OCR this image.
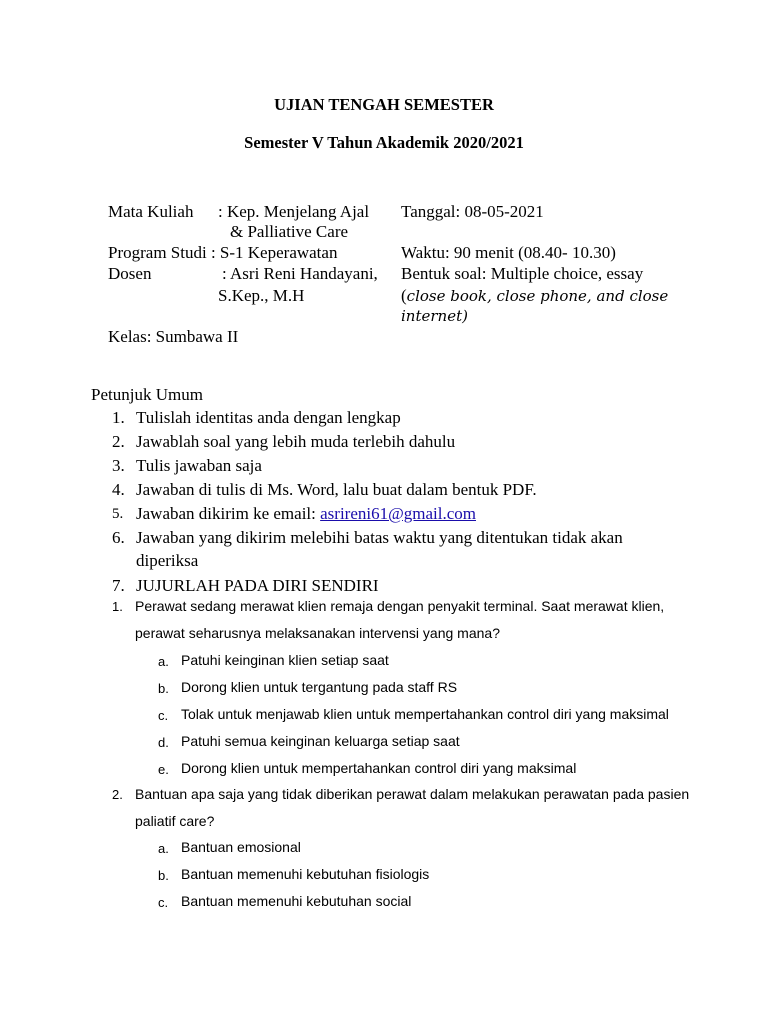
UJIAN TENGAH SEMESTER
Semester V Tahun Akademik 2020/2021
Mata Kuliah : Kep. Menjelang Ajal
& Palliative Care
Program Studi : S-1 Keperawatan
Dosen	: Asri Reni Handayani,
S.Kep., M.H
Kelas: Sumbawa II
Tanggal: 08-05-2021
Waktu: 90 menit (08.40- 10.30)
Bentuk soal: Multiple choice, essay
(close book, close phone, and close
internet)
Petunjuk Umum
1. Tulislah identitas anda dengan lengkap
2. Jawablah soal yang lebih muda terlebih dahulu
3. Tulis jawaban saja
4. Jawaban di tulis di Ms. Word, lalu buat dalam bentuk PDF.
5. Jawaban dikirim ke email: asrireni61@gmail.com
6. Jawaban yang dikirim melebihi batas waktu yang ditentukan tidak akan
diperiksa
7. JUJURLAH PADA DIRI SENDIRI
1. Perawat sedang merawat klien remaja dengan penyakit terminal. Saat merawat klien,
perawat seharusnya melaksanakan intervensi yang mana?
a. Patuhi keinginan klien setiap saat
b. Dorong klien untuk tergantung pada staff RS
c. Tolak untuk menjawab klien untuk mempertahankan control diri yang maksimal
d. Patuhi semua keinginan keluarga setiap saat
e. Dorong klien untuk mempertahankan control diri yang maksimal
2. Bantuan apa saja yang tidak diberikan perawat dalam melakukan perawatan pada pasien
paliatif care?
a. Bantuan emosional
b. Bantuan memenuhi kebutuhan fisiologis
c. Bantuan memenuhi kebutuhan social
